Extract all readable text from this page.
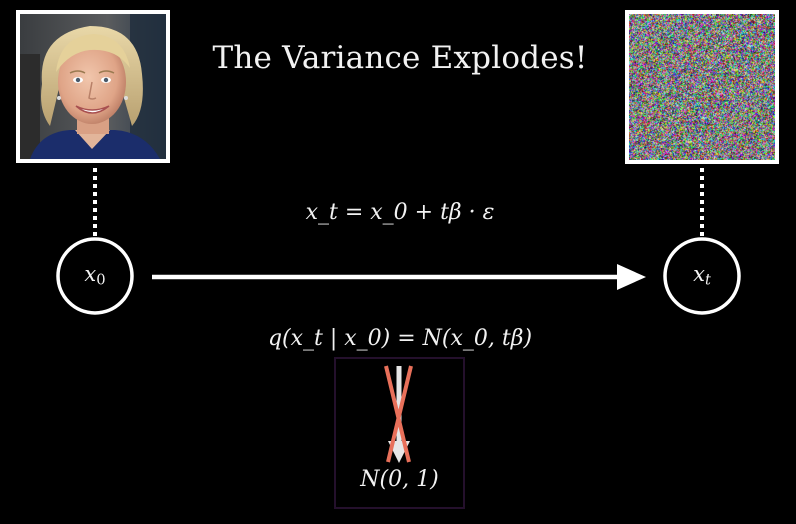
The Variance Explodes!
$x_0$	$x_t$
x_t = x_0 + tβ · ε
q(x_t | x_0) = N(x_0, tβ)
N(0, 1)
